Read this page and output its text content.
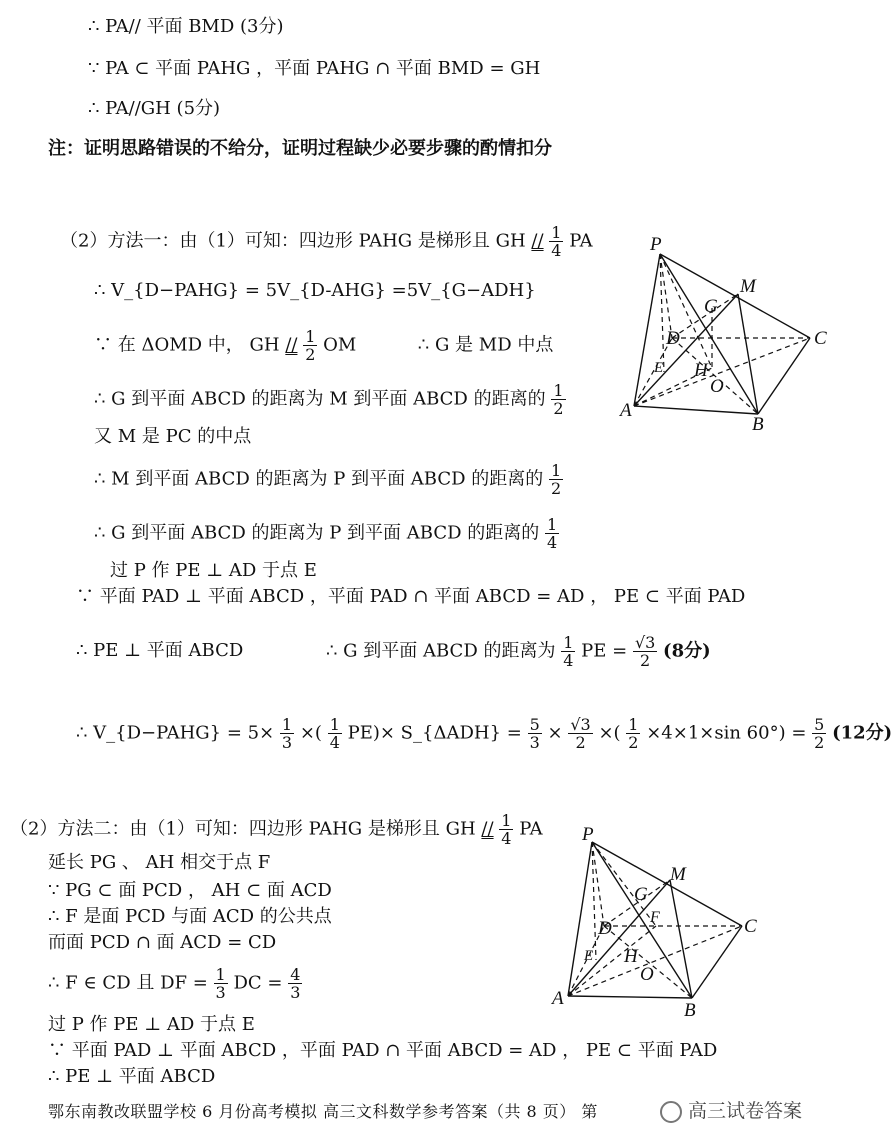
∴ PA// 平面 BMD (3分)
∵ PA ⊂ 平面 PAHG ，平面 PAHG ∩ 平面 BMD = GH
∴ PA//GH (5分)
注：证明思路错误的不给分，证明过程缺少必要步骤的酌情扣分
（2）方法一：由（1）可知：四边形 PAHG 是梯形且 GH // $\frac{1}{4}$ PA
∴ V_{D−PAHG} = 5V_{D-AHG} =5V_{G−ADH}
∵ 在 ΔOMD 中， GH // $\frac{1}{2}$ OM	∴ G 是 MD 中点
∴ G 到平面 ABCD 的距离为 M 到平面 ABCD 的距离的 $\frac{1}{2}$
又 M 是 PC 的中点
∴ M 到平面 ABCD 的距离为 P 到平面 ABCD 的距离的 $\frac{1}{2}$
∴ G 到平面 ABCD 的距离为 P 到平面 ABCD 的距离的 $\frac{1}{4}$
过 P 作 PE ⊥ AD 于点 E
∵ 平面 PAD ⊥ 平面 ABCD ，平面 PAD ∩ 平面 ABCD = AD ， PE ⊂ 平面 PAD
∴ PE ⊥ 平面 ABCD	∴ G 到平面 ABCD 的距离为 $\frac{1}{4}$ PE = $\frac{√3}{2} (8$分)
∴ V_{D−PAHG} = $5\times \frac{1}{3}$ ×( $\frac{1}{4} PE)\times$ S_{ΔADH} = $\frac{5}{3} \times \frac{√3}{2}$ ×( $\frac{1}{2} \times 4\times 1\times\sin$ $60^\circ) = \frac{5}{2} (12$分)
P
M
G
D	C
E H
O
A
B
（2）方法二：由（1）可知：四边形 PAHG 是梯形且 GH // $\frac{1}{4}$ PA
延长 PG 、 AH 相交于点 F
∵ PG ⊂ 面 PCD ， AH ⊂ 面 ACD
∴ F 是面 PCD 与面 ACD 的公共点
而面 PCD ∩ 面 ACD = CD
∴ F ∈ CD 且 DF = $\frac{1}{3}$ DC = $\frac{4}{3}$
过 P 作 PE ⊥ AD 于点 E
∵ 平面 PAD ⊥ 平面 ABCD ，平面 PAD ∩ 平面 ABCD = AD ， PE ⊂ 平面 PAD
∴ PE ⊥ 平面 ABCD
P
M
G
F
D	C
E H
O
A
B
鄂东南教改联盟学校 6 月份高考模拟 高三文科数学参考答案（共 8 页） 第	高三试卷答案
